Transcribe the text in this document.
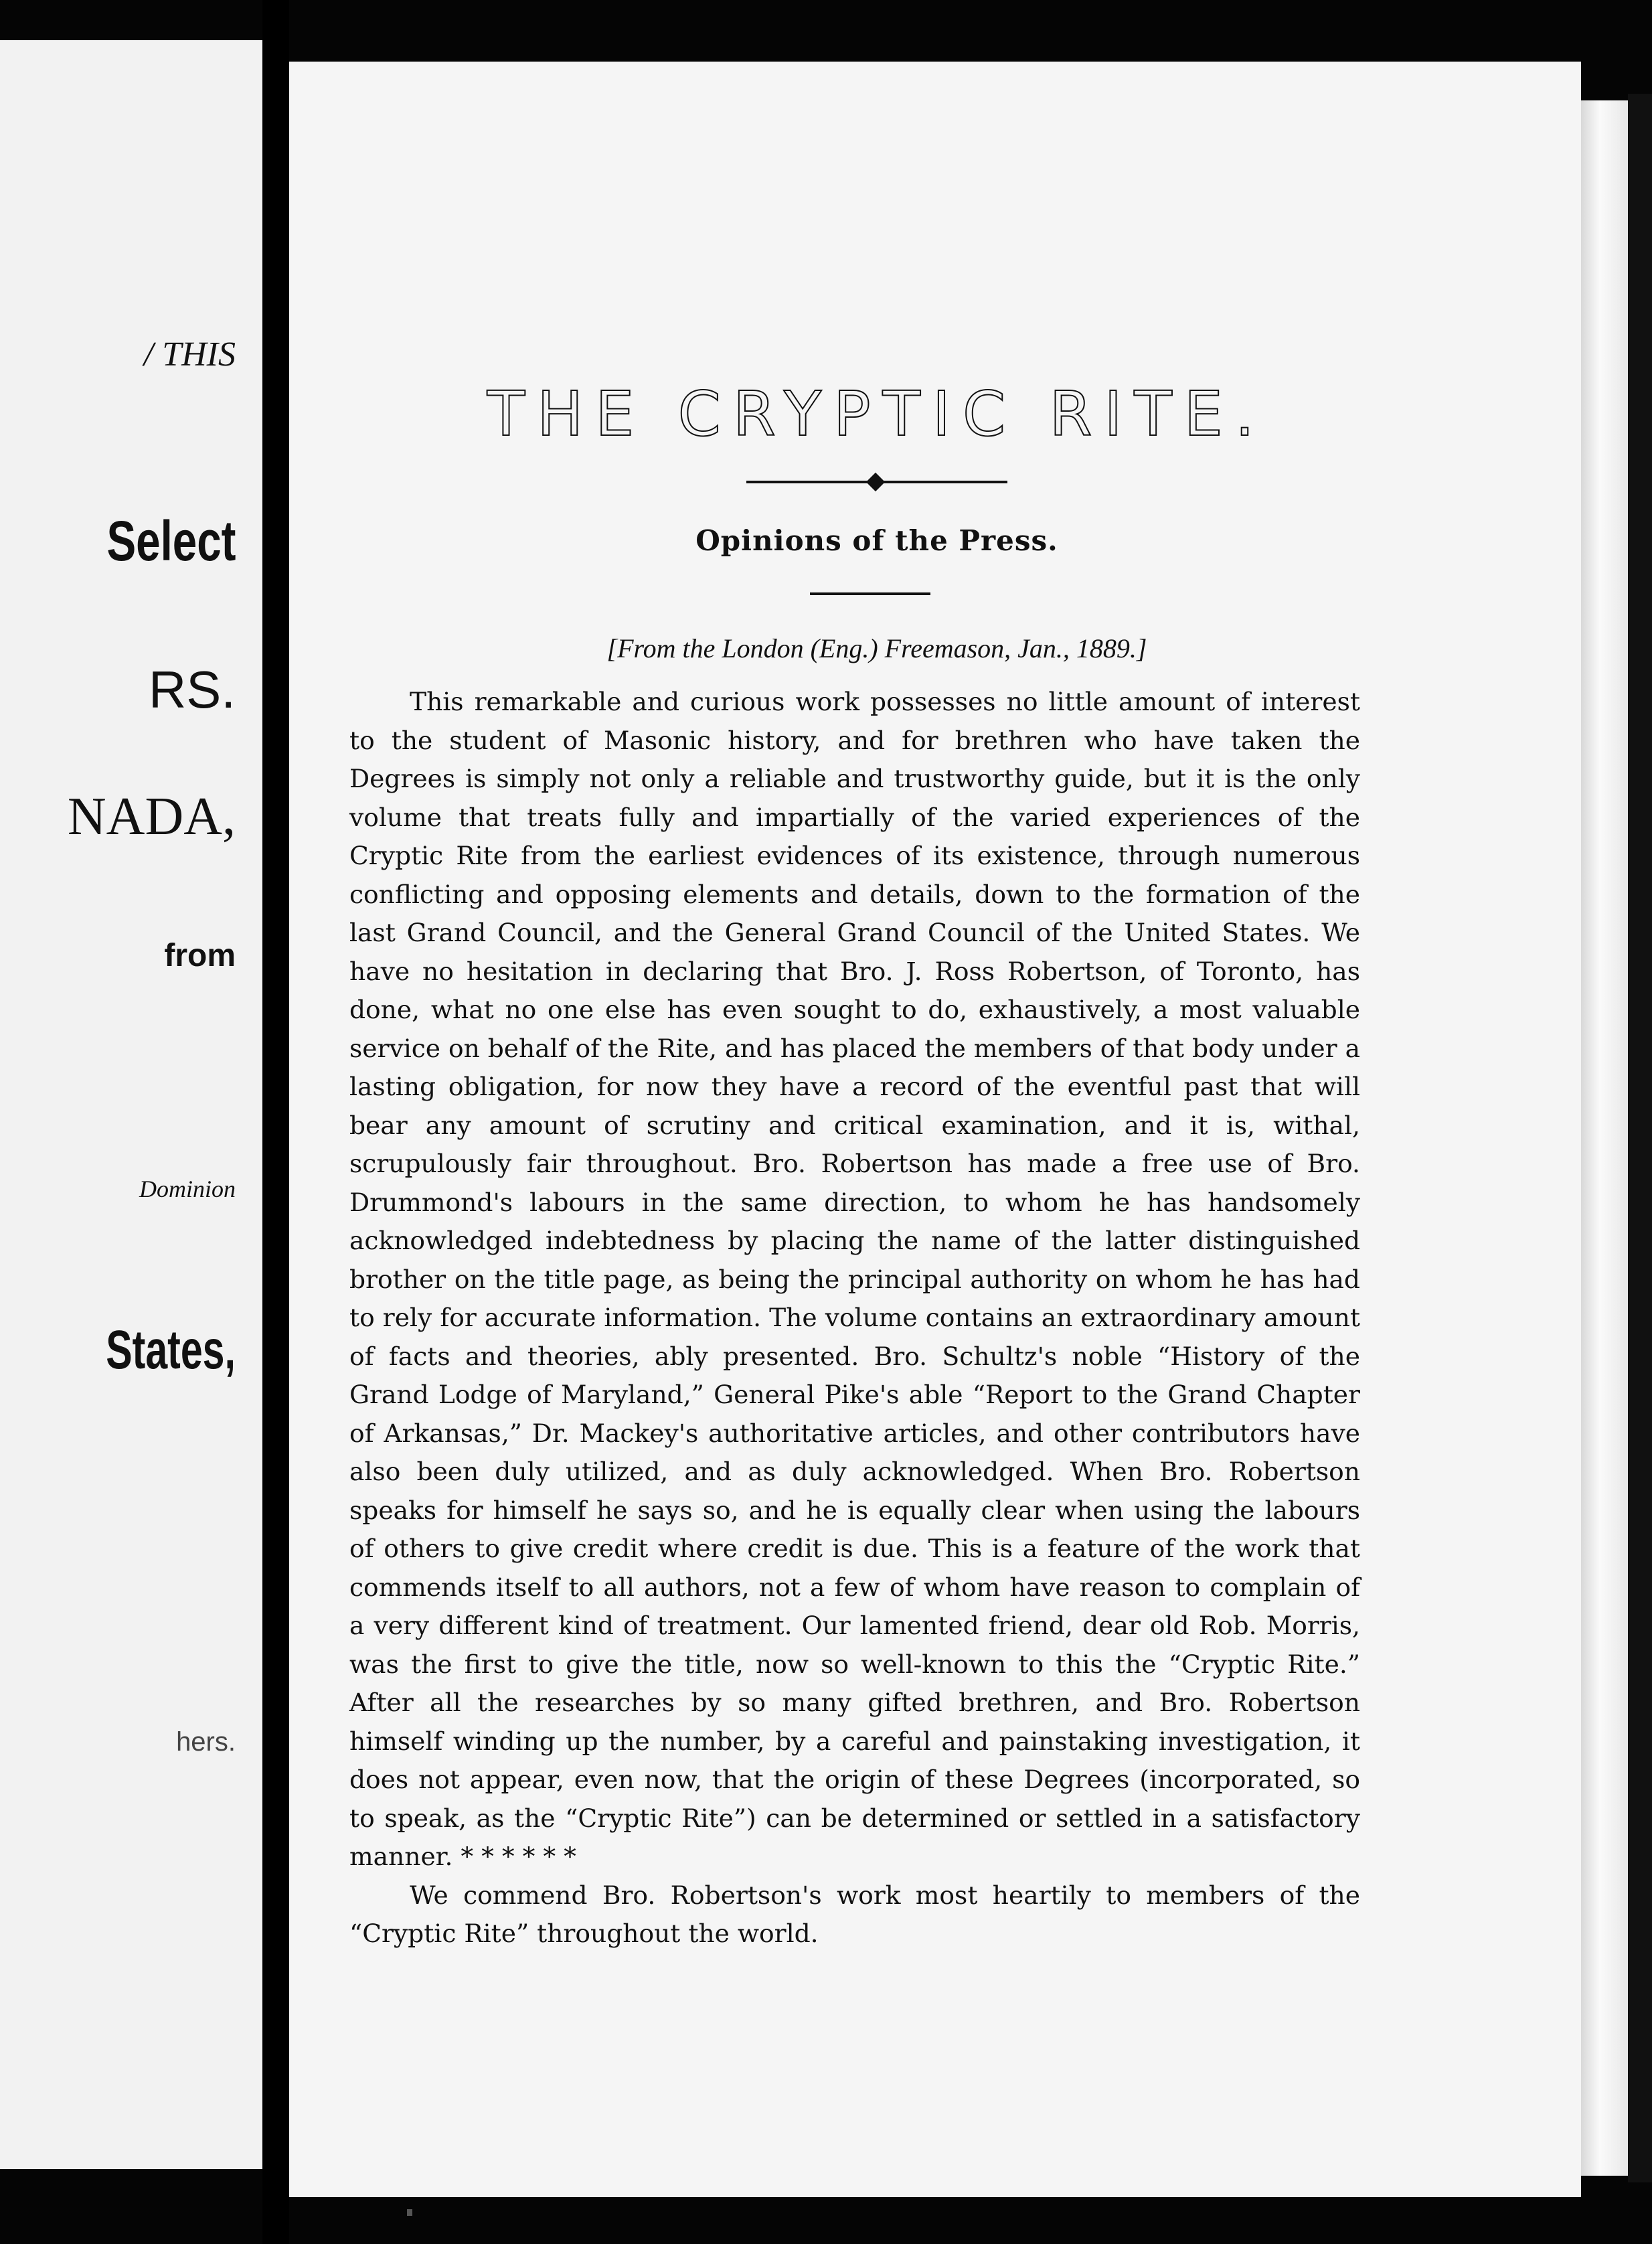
/ THIS
Select
RS.
NADA,
from
Dominion
States,
hers.
THE CRYPTIC RITE.
Opinions of the Press.
[From the London (Eng.) Freemason, Jan., 1889.]

This remarkable and curious work possesses no little amount of interest to the student of Masonic history, and for brethren who have taken the Degrees is simply not only a reliable and trustworthy guide, but it is the only volume that treats fully and impartially of the varied experiences of the Cryptic Rite from the earliest evidences of its existence, through numerous conflicting and opposing elements and details, down to the formation of the last Grand Council, and the General Grand Council of the United States. We have no hesitation in declaring that Bro. J. Ross Robertson, of Toronto, has done, what no one else has even sought to do, exhaustively, a most valuable service on behalf of the Rite, and has placed the members of that body under a lasting obligation, for now they have a record of the eventful past that will bear any amount of scrutiny and critical examination, and it is, withal, scrupulously fair throughout. Bro. Robertson has made a free use of Bro. Drummond's labours in the same direction, to whom he has handsomely acknowledged indebtedness by placing the name of the latter distinguished brother on the title page, as being the principal authority on whom he has had to rely for accurate information. The volume contains an extraordinary amount of facts and theories, ably presented. Bro. Schultz's noble “History of the Grand Lodge of Maryland,” General Pike's able “Report to the Grand Chapter of Arkansas,” Dr. Mackey's authoritative articles, and other contributors have also been duly utilized, and as duly acknowledged. When Bro. Robertson speaks for himself he says so, and he is equally clear when using the labours of others to give credit where credit is due. This is a feature of the work that commends itself to all authors, not a few of whom have reason to complain of a very different kind of treatment. Our lamented friend, dear old Rob. Morris, was the first to give the title, now so well-known to this the “Cryptic Rite.” After all the researches by so many gifted brethren, and Bro. Robertson himself winding up the number, by a careful and painstaking investigation, it does not appear, even now, that the origin of these Degrees (incorporated, so to speak, as the “Cryptic Rite”) can be determined or settled in a satisfactory manner. * * * * * *

We commend Bro. Robertson's work most heartily to members of the “Cryptic Rite” throughout the world.
